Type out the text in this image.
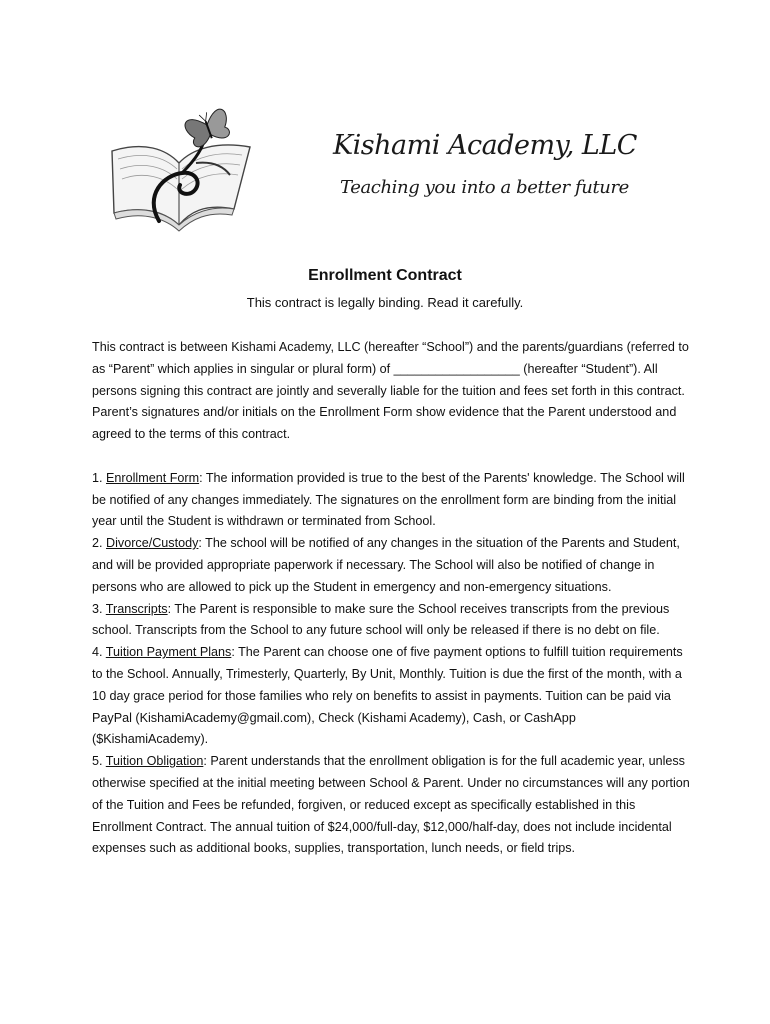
Kishami Academy, LLC
Teaching you into a better future
Enrollment Contract
This contract is legally binding. Read it carefully.

This contract is between Kishami Academy, LLC (hereafter “School”) and the parents/guardians (referred to as “Parent” which applies in singular or plural form) of __________________ (hereafter “Student”). All persons signing this contract are jointly and severally liable for the tuition and fees set forth in this contract. Parent’s signatures and/or initials on the Enrollment Form show evidence that the Parent understood and agreed to the terms of this contract.

1. Enrollment Form: The information provided is true to the best of the Parents' knowledge. The School will be notified of any changes immediately. The signatures on the enrollment form are binding from the initial year until the Student is withdrawn or terminated from School.

2. Divorce/Custody: The school will be notified of any changes in the situation of the Parents and Student, and will be provided appropriate paperwork if necessary. The School will also be notified of change in persons who are allowed to pick up the Student in emergency and non-emergency situations.

3. Transcripts: The Parent is responsible to make sure the School receives transcripts from the previous school. Transcripts from the School to any future school will only be released if there is no debt on file.

4. Tuition Payment Plans: The Parent can choose one of five payment options to fulfill tuition requirements to the School. Annually, Trimesterly, Quarterly, By Unit, Monthly. Tuition is due the first of the month, with a 10 day grace period for those families who rely on benefits to assist in payments. Tuition can be paid via PayPal (KishamiAcademy@gmail.com), Check (Kishami Academy), Cash, or CashApp ($KishamiAcademy).

5. Tuition Obligation: Parent understands that the enrollment obligation is for the full academic year, unless otherwise specified at the initial meeting between School & Parent. Under no circumstances will any portion of the Tuition and Fees be refunded, forgiven, or reduced except as specifically established in this Enrollment Contract. The annual tuition of $24,000/full-day, $12,000/half-day, does not include incidental expenses such as additional books, supplies, transportation, lunch needs, or field trips.
